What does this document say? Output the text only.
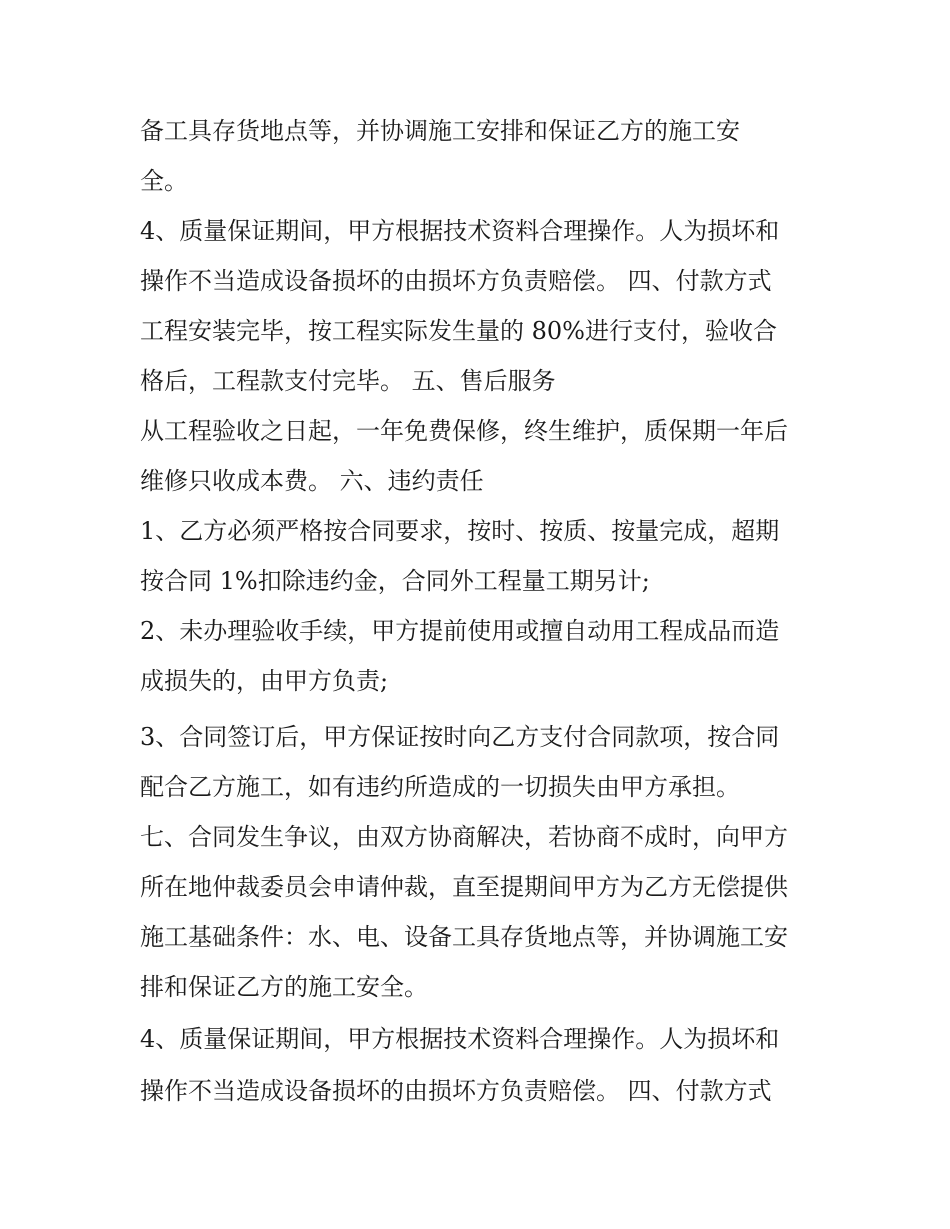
备工具存货地点等，并协调施工安排和保证乙方的施工安
全。
4、质量保证期间，甲方根据技术资料合理操作。人为损坏和
操作不当造成设备损坏的由损坏方负责赔偿。 四、付款方式
工程安装完毕，按工程实际发生量的 80%进行支付，验收合
格后，工程款支付完毕。 五、售后服务
从工程验收之日起，一年免费保修，终生维护，质保期一年后
维修只收成本费。 六、违约责任
1、乙方必须严格按合同要求，按时、按质、按量完成，超期
按合同 1%扣除违约金，合同外工程量工期另计;
2、未办理验收手续，甲方提前使用或擅自动用工程成品而造
成损失的，由甲方负责;
3、合同签订后，甲方保证按时向乙方支付合同款项，按合同
配合乙方施工，如有违约所造成的一切损失由甲方承担。
七、合同发生争议，由双方协商解决，若协商不成时，向甲方
所在地仲裁委员会申请仲裁，直至提期间甲方为乙方无偿提供
施工基础条件：水、电、设备工具存货地点等，并协调施工安
排和保证乙方的施工安全。
4、质量保证期间，甲方根据技术资料合理操作。人为损坏和
操作不当造成设备损坏的由损坏方负责赔偿。 四、付款方式
